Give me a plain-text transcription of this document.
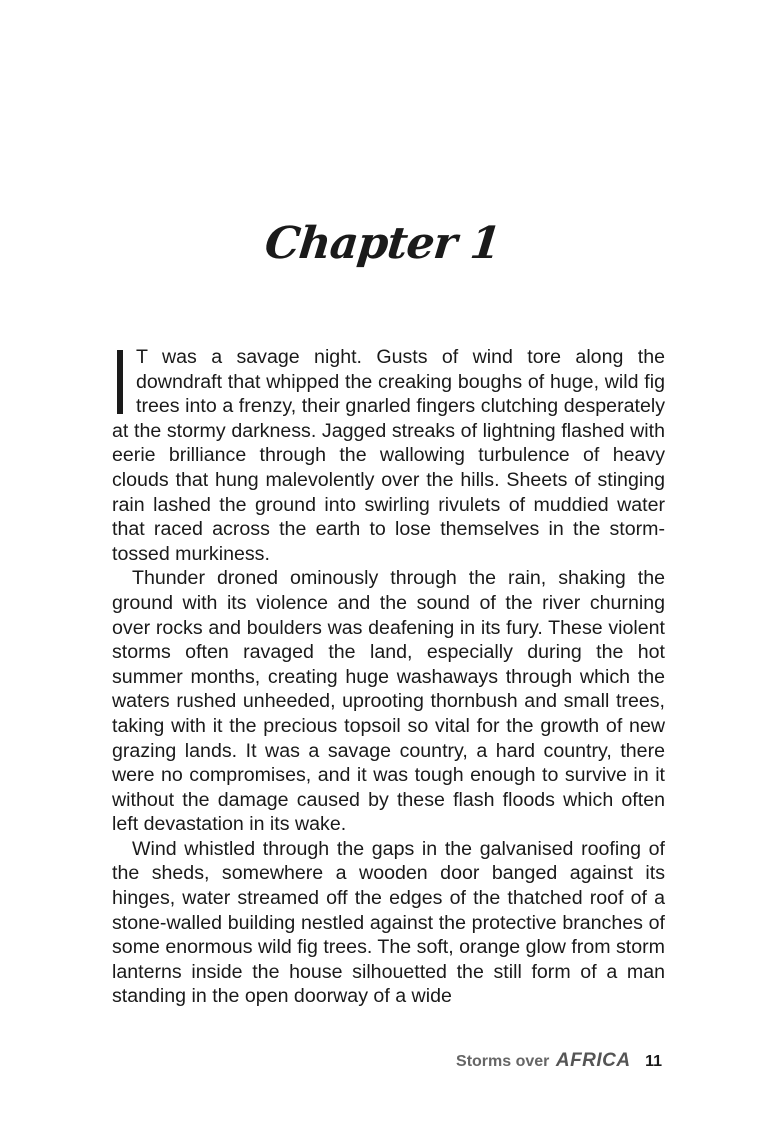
Chapter 1

T was a savage night. Gusts of wind tore along the downdraft that whipped the creaking boughs of huge, wild fig trees into a frenzy, their gnarled fingers clutching desperately at the stormy darkness. Jagged streaks of lightning flashed with eerie brilliance through the wallowing turbulence of heavy clouds that hung malevolently over the hills. Sheets of stinging rain lashed the ground into swirling rivulets of muddied water that raced across the earth to lose themselves in the storm-tossed murkiness.

Thunder droned ominously through the rain, shaking the ground with its violence and the sound of the river churning over rocks and boulders was deafening in its fury. These violent storms often ravaged the land, especially during the hot summer months, creating huge washaways through which the waters rushed unheeded, uprooting thornbush and small trees, taking with it the precious topsoil so vital for the growth of new grazing lands. It was a savage country, a hard country, there were no compromises, and it was tough enough to survive in it without the damage caused by these flash floods which often left devastation in its wake.

Wind whistled through the gaps in the galvanised roofing of the sheds, somewhere a wooden door banged against its hinges, water streamed off the edges of the thatched roof of a stone-walled building nestled against the protective branches of some enormous wild fig trees. The soft, orange glow from storm lanterns inside the house silhouetted the still form of a man standing in the open doorway of a wide

Storms over AFRICA 11
